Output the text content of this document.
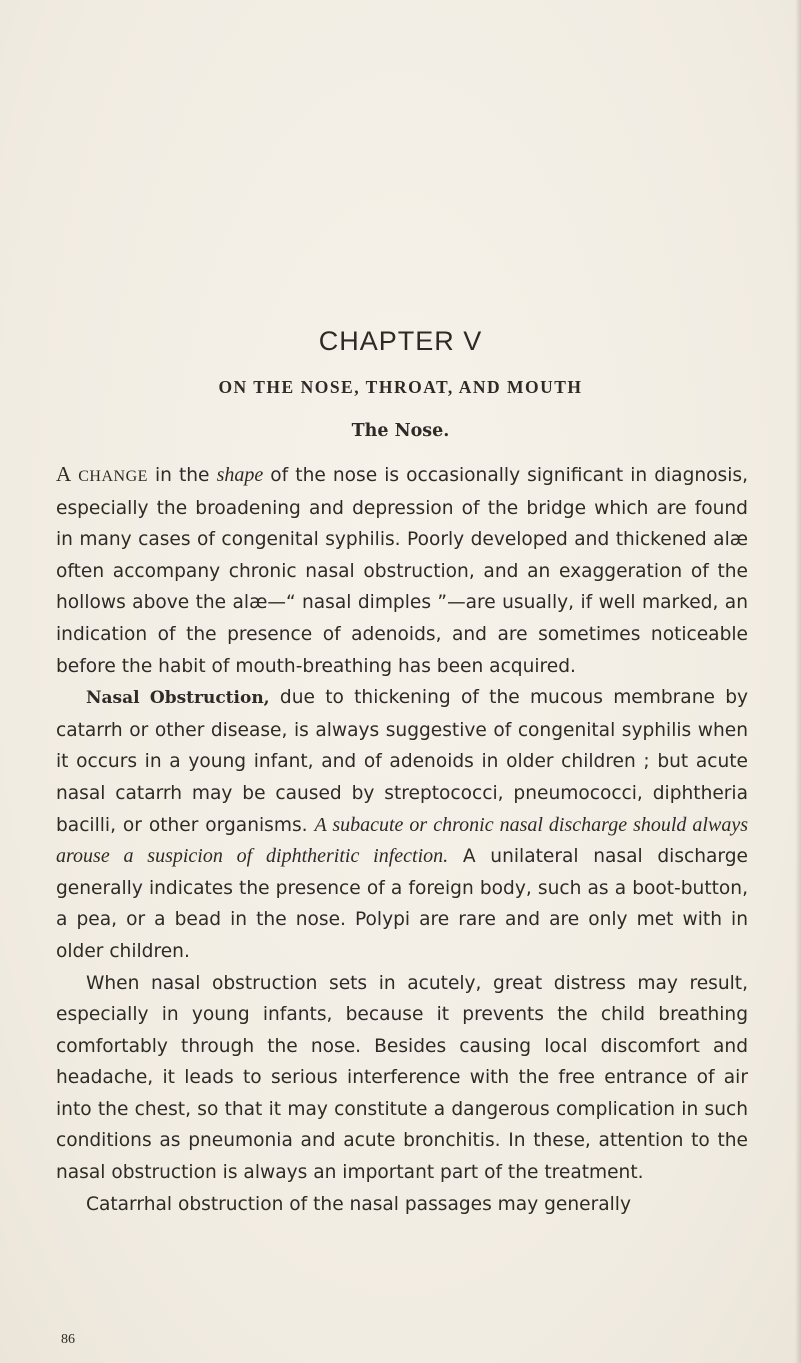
CHAPTER V
ON THE NOSE, THROAT, AND MOUTH
The Nose.

A CHANGE in the shape of the nose is occasionally significant in diagnosis, especially the broadening and depression of the bridge which are found in many cases of congenital syphilis. Poorly developed and thickened alæ often accompany chronic nasal obstruction, and an exaggeration of the hollows above the alæ—“ nasal dimples ”—are usually, if well marked, an indication of the presence of adenoids, and are sometimes noticeable before the habit of mouth-breathing has been acquired.

Nasal Obstruction, due to thickening of the mucous membrane by catarrh or other disease, is always suggestive of congenital syphilis when it occurs in a young infant, and of adenoids in older children ; but acute nasal catarrh may be caused by streptococci, pneumococci, diphtheria bacilli, or other organisms. A subacute or chronic nasal discharge should always arouse a suspicion of diphtheritic infection. A unilateral nasal discharge generally indicates the presence of a foreign body, such as a boot-button, a pea, or a bead in the nose. Polypi are rare and are only met with in older children.

When nasal obstruction sets in acutely, great distress may result, especially in young infants, because it prevents the child breathing comfortably through the nose. Besides causing local discomfort and headache, it leads to serious interference with the free entrance of air into the chest, so that it may constitute a dangerous complication in such conditions as pneumonia and acute bronchitis. In these, attention to the nasal obstruction is always an important part of the treatment.

Catarrhal obstruction of the nasal passages may generally

86
